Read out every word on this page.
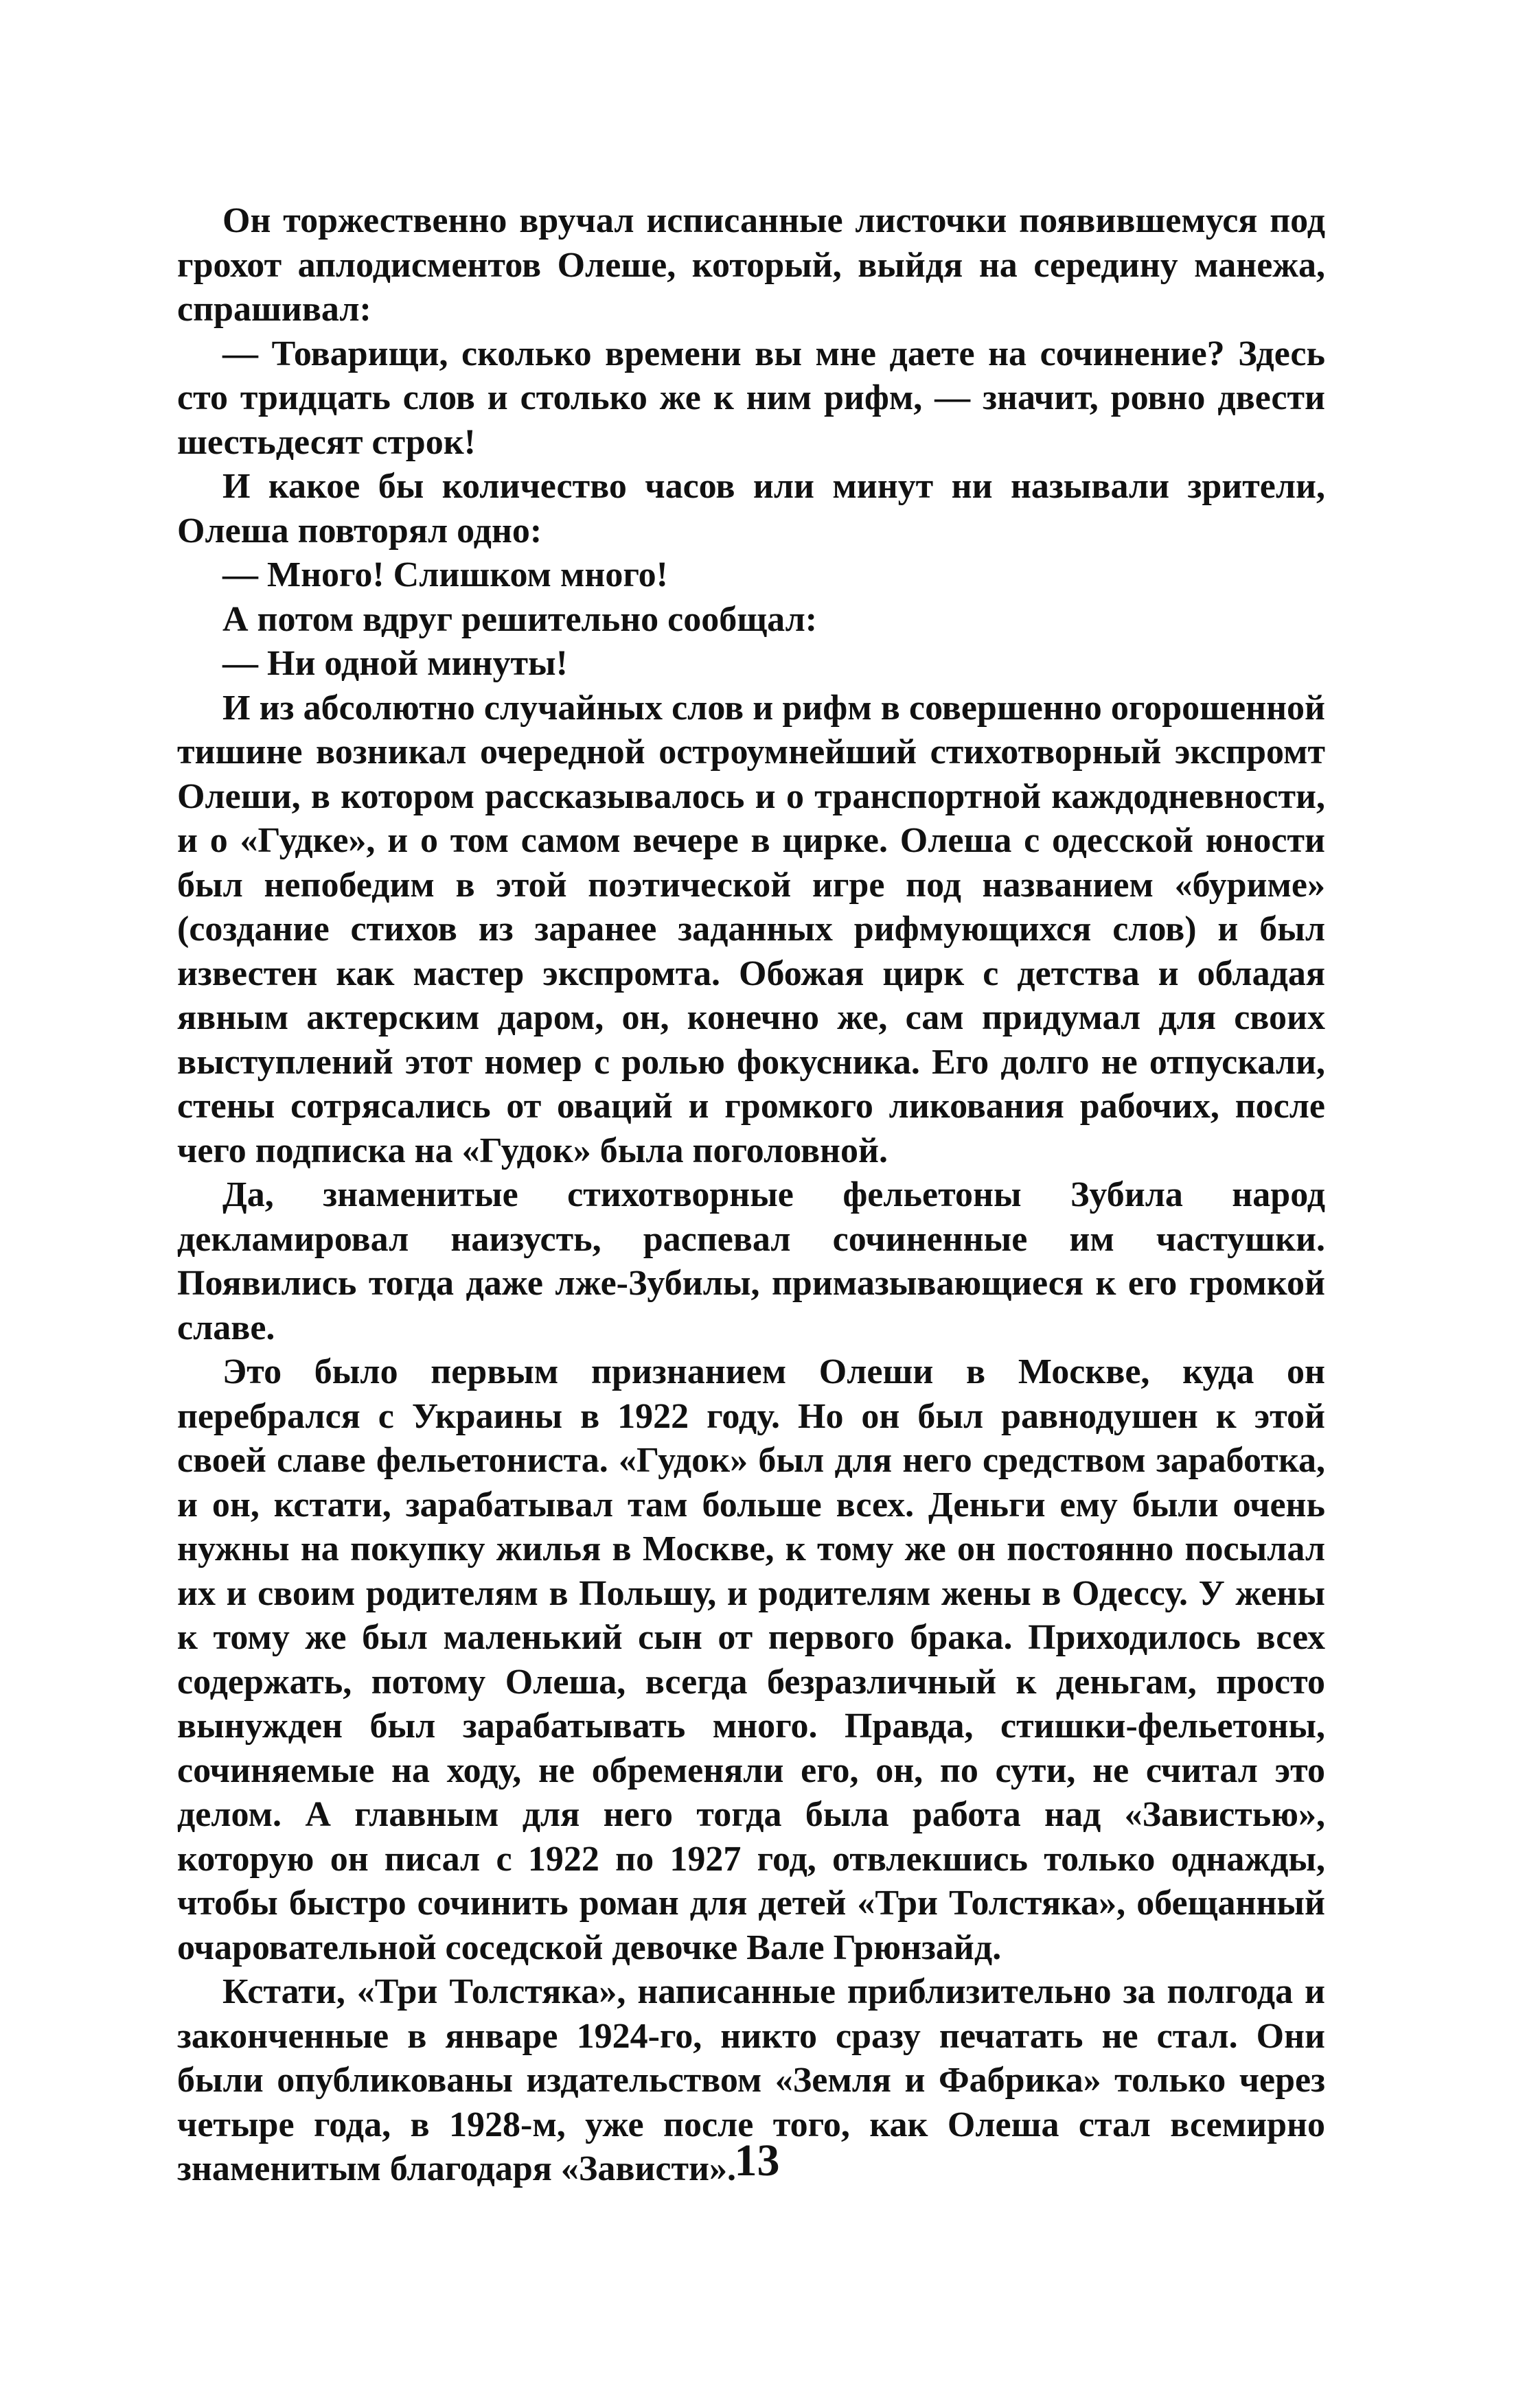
Он торжественно вручал исписанные листочки появившемуся под грохот аплодисментов Олеше, который, выйдя на середину манежа, спрашивал:

— Товарищи, сколько времени вы мне даете на сочинение? Здесь сто тридцать слов и столько же к ним рифм, — значит, ровно двести шестьдесят строк!

И какое бы количество часов или минут ни называли зрители, Олеша повторял одно:

— Много! Слишком много!

А потом вдруг решительно сообщал:

— Ни одной минуты!

И из абсолютно случайных слов и рифм в совершенно огорошенной тишине возникал очередной остроумнейший стихотворный экспромт Олеши, в котором рассказывалось и о транспортной каждодневности, и о «Гудке», и о том самом вечере в цирке. Олеша с одесской юности был непобедим в этой поэтической игре под названием «буриме» (создание стихов из заранее заданных рифмующихся слов) и был известен как мастер экспромта. Обожая цирк с детства и обладая явным актерским даром, он, конечно же, сам придумал для своих выступлений этот номер с ролью фокусника. Его долго не отпускали, стены сотрясались от оваций и громкого ликования рабочих, после чего подписка на «Гудок» была поголовной.

Да, знаменитые стихотворные фельетоны Зубила народ декламировал наизусть, распевал сочиненные им частушки. Появились тогда даже лже-Зубилы, примазывающиеся к его громкой славе.

Это было первым признанием Олеши в Москве, куда он перебрался с Украины в 1922 году. Но он был равнодушен к этой своей славе фельетониста. «Гудок» был для него средством заработка, и он, кстати, зарабатывал там больше всех. Деньги ему были очень нужны на покупку жилья в Москве, к тому же он постоянно посылал их и своим родителям в Польшу, и родителям жены в Одессу. У жены к тому же был маленький сын от первого брака. Приходилось всех содержать, потому Олеша, всегда безразличный к деньгам, просто вынужден был зарабатывать много. Правда, стишки-фельетоны, сочиняемые на ходу, не обременяли его, он, по сути, не считал это делом. А главным для него тогда была работа над «Завистью», которую он писал с 1922 по 1927 год, отвлекшись только однажды, чтобы быстро сочинить роман для детей «Три Толстяка», обещанный очаровательной соседской девочке Вале Грюнзайд.

Кстати, «Три Толстяка», написанные приблизительно за полгода и законченные в январе 1924-го, никто сразу печатать не стал. Они были опубликованы издательством «Земля и Фабрика» только через четыре года, в 1928-м, уже после того, как Олеша стал всемирно знаменитым благодаря «Зависти».

13
